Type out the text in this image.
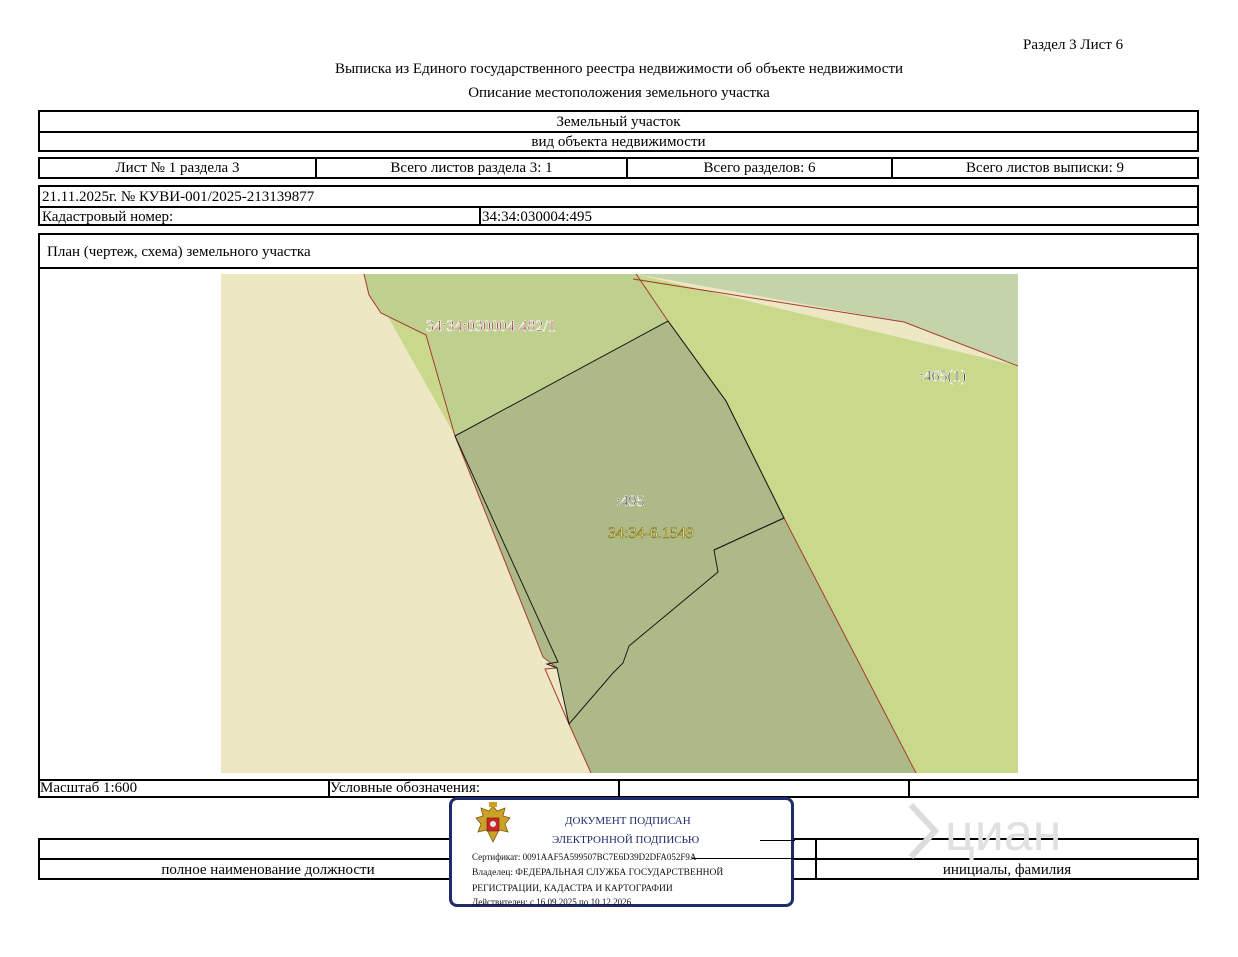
Раздел 3 Лист 6
Выписка из Единого государственного реестра недвижимости об объекте недвижимости
Описание местоположения земельного участка
Земельный участок
вид объекта недвижимости
Лист № 1 раздела 3	Всего листов раздела 3: 1	Всего разделов: 6	Всего листов выписки: 9
21.11.2025г. № КУВИ-001/2025-213139877
Кадастровый номер:	34:34:030004:495
План (чертеж, схема) земельного участка
34:34:030004:482/1
:465(1)
:495
34:34-6.1549
Масштаб 1:600	Условные обозначения:
полное наименование должности	инициалы, фамилия
циан
ДОКУМЕНТ ПОДПИСАН
ЭЛЕКТРОННОЙ ПОДПИСЬЮ
Сертификат: 0091AAF5A599507BC7E6D39D2DFA052F9A
Владелец: ФЕДЕРАЛЬНАЯ СЛУЖБА ГОСУДАРСТВЕННОЙ
РЕГИСТРАЦИИ, КАДАСТРА И КАРТОГРАФИИ
Действителен: с 16.09.2025 по 10.12.2026
